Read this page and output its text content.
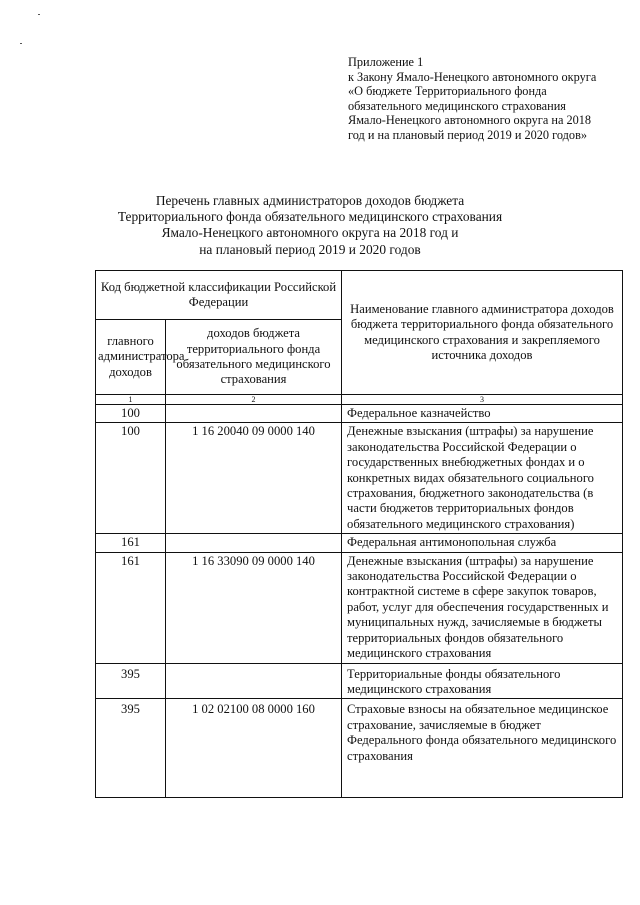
Приложение 1
к Закону Ямало-Ненецкого автономного округа
«О бюджете Территориального фонда
обязательного медицинского страхования
Ямало-Ненецкого автономного округа на 2018
год и на плановый период 2019 и 2020 годов»
Перечень главных администраторов доходов бюджета
Территориального фонда обязательного медицинского страхования
Ямало-Ненецкого автономного округа на 2018 год и
на плановый период 2019 и 2020 годов
Код бюджетной классификации Российской Федерации		Наименование главного администратора доходов бюджета территориального фонда обязательного медицинского страхования и закрепляемого источника доходов
главного администратора доходов	доходов бюджета территориального фонда обязательного медицинского страхования	
1	2	3
100		Федеральное казначейство
100	1 16 20040 09 0000 140	Денежные взыскания (штрафы) за нарушение законодательства Российской Федерации о государственных внебюджетных фондах и о конкретных видах обязательного социального страхования, бюджетного законодательства (в части бюджетов территориальных фондов обязательного медицинского страхования)
161		Федеральная антимонопольная служба
161	1 16 33090 09 0000 140	Денежные взыскания (штрафы) за нарушение законодательства Российской Федерации о контрактной системе в сфере закупок товаров, работ, услуг для обеспечения государственных и муниципальных нужд, зачисляемые в бюджеты территориальных фондов обязательного медицинского страхования
395		Территориальные фонды обязательного медицинского страхования
395	1 02 02100 08 0000 160	Страховые взносы на обязательное медицинское страхование, зачисляемые в бюджет Федерального фонда обязательного медицинского страхования
